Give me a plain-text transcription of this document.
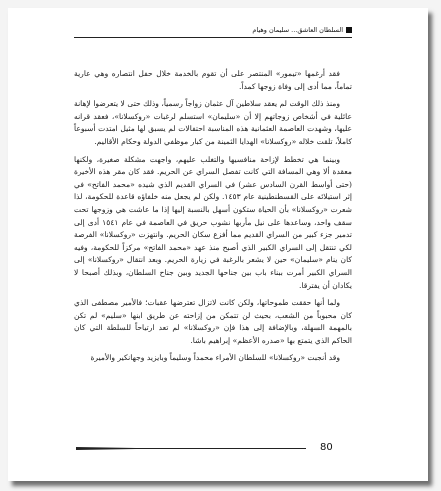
السلطان العاشق... سليمان وهيام

فقد أرغمها «تيمور» المنتصر على أن تقوم بالخدمة خلال حفل انتصاره وهي عارية تماماً، مما أدى إلى وفاة زوجها كمداً.

ومنذ ذلك الوقت لم يعقد سلاطين آل عثمان زواجاً رسمياً، وذلك حتى لا يتعرضوا لإهانة عائلية في أشخاص زوجاتهم إلا أن «سليمان» استسلم لرغبات «روكسلانا»، فعقد قرانه عليها، وشهدت العاصمة العثمانية هذه المناسبة احتفالات لم يسبق لها مثيل امتدت أسبوعاً كاملاً، تلقت خلاله «روكسلانا» الهدايا الثمينة من كبار موظفي الدولة وحكام الأقاليم.

وبينما هي تخطط لإزاحة منافسيها والتغلب عليهم، واجهت مشكلة صغيرة، ولكنها معقدة ألا وهي المسافة التي كانت تفصل السراي عن الحريم. فقد كان مقر هذه الأخيرة (حتى أواسط القرن السادس عشر) في السراي القديم الذي شيده «محمد الفاتح» في إثر استيلائه على القسطنطينية عام ١٤٥٣. ولكن لم يجعل منه خلفاؤه قاعدة للحكومة، لذا شعرت «روكسلانا» بأن الحياة ستكون أسهل بالنسبة إليها إذا ما عاشت هي وزوجها تحت سقف واحد، وساعدها على نيل مأربها نشوب حريق في العاصمة في عام ١٥٤١ أدى إلى تدمير جزء كبير من السراي القديم مما أفزع سكان الحريم. وانتهزت «روكسلانا» الفرصة لكي تنتقل إلى السراي الكبير الذي أصبح منذ عهد «محمد الفاتح» مركزاً للحكومة، وفيه كان ينام «سليمان» حين لا يشعر بالرغبة في زيارة الحريم. وبعد انتقال «روكسلانا» إلى السراي الكبير أمرت ببناء باب بين جناحها الجديد وبين جناح السلطان، وبذلك أصبحا لا يكادان أن يفترقا.

ولما أنها حققت طموحاتها، ولكن كانت لاتزال تعترضها عقبات؛ فالأمير مصطفى الذي كان محبوباً من الشعب، بحيث لن تتمكن من إزاحته عن طريق ابنها «سليم» لم تكن بالمهمة السهلة، وبالإضافة إلى هذا فإن «روكسلانا» لم تعد ارتياحاً للسلطة التي كان الحاكم الذي يتمتع بها «صدره الأعظم» إبراهيم باشا.

وقد أنجبت «روكسلانا» للسلطان الأمراء محمداً وسليماً وبايزيد وجهانكير والأميرة

80
